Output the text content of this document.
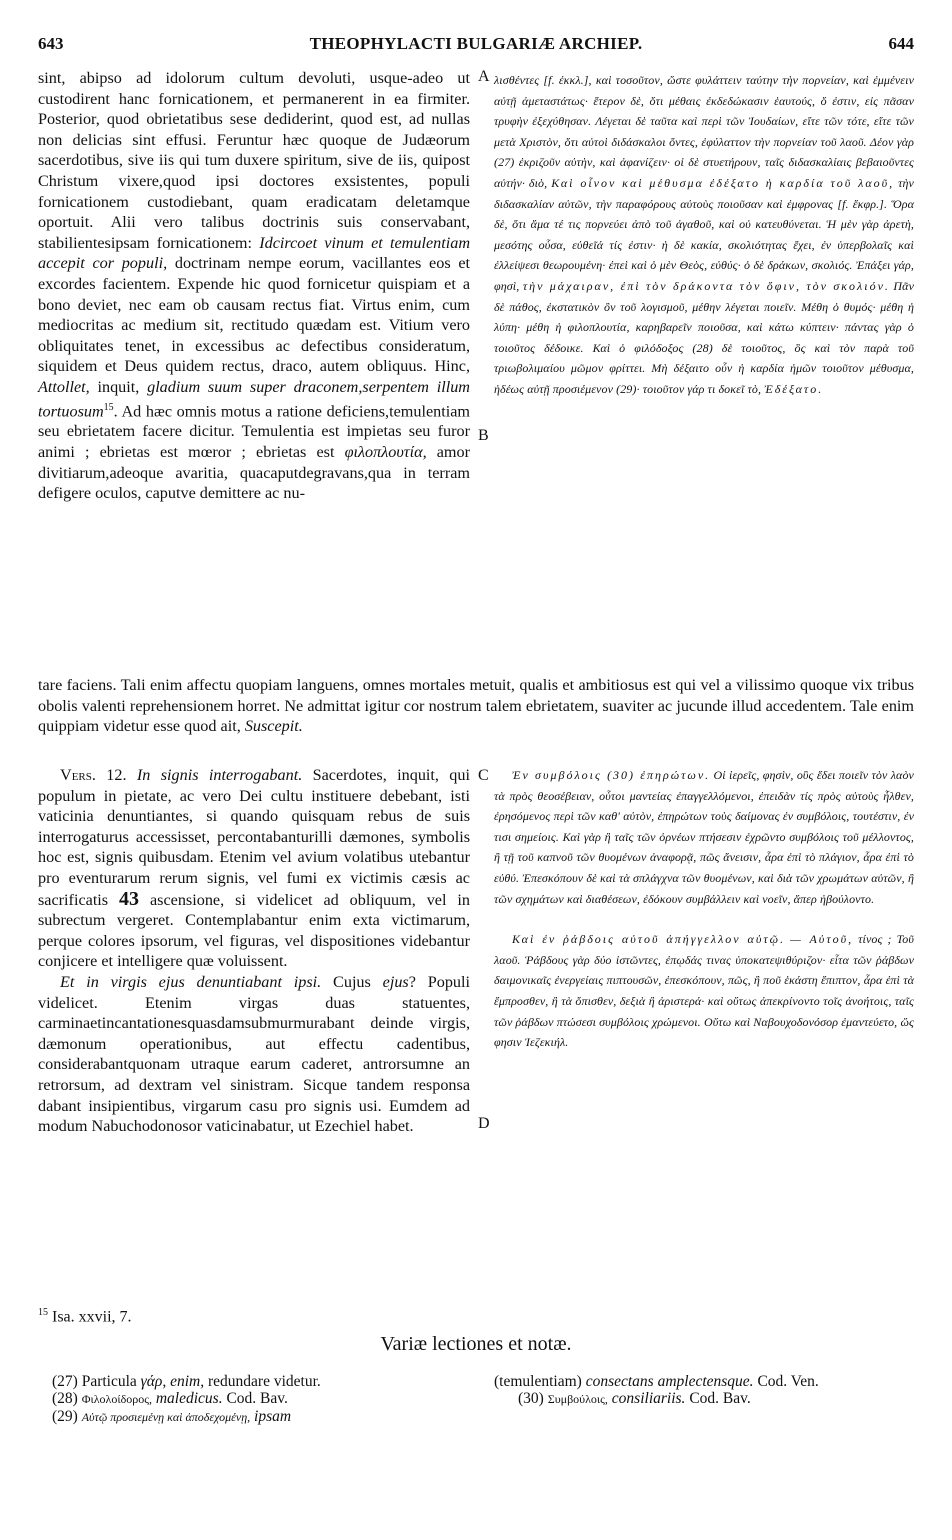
643	THEOPHYLACTI BULGARIÆ ARCHIEP.	644
A
B
C
D

sint, abipso ad idolorum cultum devoluti, usque-adeo ut custodirent hanc fornicationem, et permanerent in ea firmiter. Posterior, quod obrietatibus sese dediderint, quod est, ad nullas non delicias sint effusi. Feruntur hæc quoque de Judæorum sacerdotibus, sive iis qui tum duxere spiritum, sive de iis, quipost Christum vixere,quod ipsi doctores exsistentes, populi fornicationem custodiebant, quam eradicatam deletamque oportuit. Alii vero talibus doctrinis suis conservabant, stabilientesipsam fornicationem: Idcircoet vinum et temulentiam accepit cor populi, doctrinam nempe eorum, vacillantes eos et excordes facientem. Expende hic quod fornicetur quispiam et a bono deviet, nec eam ob causam rectus fiat. Virtus enim, cum mediocritas ac medium sit, rectitudo quædam est. Vitium vero obliquitates tenet, in excessibus ac defectibus consideratum, siquidem et Deus quidem rectus, draco, autem obliquus. Hinc, Attollet, inquit, gladium suum super draconem,serpentem illum tortuosum$^{15}$. Ad hæc omnis motus a ratione deficiens,temulentiam seu ebrietatem facere dicitur. Temulentia est impietas seu furor animi ; ebrietas est mœror ; ebrietas est φιλοπλουτία, amor divitiarum,adeoque avaritia, quacaputdegravans,qua in terram defigere oculos, caputve demittere ac nu-

λισθέντες [f. ἐκκλ.], καὶ τοσοῦτον, ὥστε φυλάττειν ταύτην τὴν πορνείαν, καὶ ἐμμένειν αὐτῇ ἀμεταστάτως· ἕτερον δὲ, ὅτι μέθαις ἐκδεδώκασιν ἑαυτούς, ὅ ἐστιν, εἰς πᾶσαν τρυφὴν ἐξεχύθησαν. Λέγεται δὲ ταῦτα καὶ περὶ τῶν Ἰουδαίων, εἴτε τῶν τότε, εἴτε τῶν μετὰ Χριστὸν, ὅτι αὐτοὶ διδάσκαλοι ὄντες, ἐφύλαττον τὴν πορνείαν τοῦ λαοῦ. Δέον γὰρ (27) ἐκριζοῦν αὐτὴν, καὶ ἀφανίζειν· οἱ δὲ στυετήρουν, ταῖς διδασκαλίαις βεβαιοῦντες αὐτήν· διὸ, Καὶ οἶνον καὶ μέθυσμα ἐδέξατο ἡ καρδία τοῦ λαοῦ, τὴν διδασκαλίαν αὐτῶν, τὴν παραφόρους αὐτοὺς ποιοῦσαν καὶ ἐμφρονας [f. ἔκφρ.]. Ὅρα δὲ, ὅτι ἅμα τέ τις πορνεύει ἀπὸ τοῦ ἀγαθοῦ, καὶ οὐ κατευθύνεται. Ἡ μὲν γὰρ ἀρετὴ, μεσότης οὖσα, εὐθεῖά τίς ἐστιν· ἡ δὲ κακία, σκολιότητας ἔχει, ἐν ὑπερβολαῖς καὶ ἐλλείψεσι θεωρουμένη· ἐπεὶ καὶ ὁ μὲν Θεὸς, εὐθύς· ὁ δὲ δράκων, σκολιός. Ἐπάξει γάρ, φησὶ, τὴν μάχαιραν, ἐπὶ τὸν δράκοντα τὸν ὄφιν, τὸν σκολιόν. Πᾶν δὲ πάθος, ἐκστατικὸν ὂν τοῦ λογισμοῦ, μέθην λέγεται ποιεῖν. Μέθη ὁ θυμός· μέθη ἡ λύπη· μέθη ἡ φιλοπλουτία, καρηβαρεῖν ποιοῦσα, καὶ κάτω κύπτειν· πάντας γὰρ ὁ τοιοῦτος δέδοικε. Καὶ ὁ φιλόδοξος (28) δὲ τοιοῦτος, ὃς καὶ τὸν παρὰ τοῦ τριωβολιμαίου μῶμον φρίττει. Μὴ δέξαιτο οὖν ἡ καρδία ἡμῶν τοιοῦτον μέθυσμα, ἡδέως αὐτῇ προσιέμενον (29)· τοιοῦτον γάρ τι δοκεῖ τὸ, Ἐδέξατο.

tare faciens. Tali enim affectu quopiam languens, omnes mortales metuit, qualis et ambitiosus est qui vel a vilissimo quoque vix tribus obolis valenti reprehensionem horret. Ne admittat igitur cor nostrum talem ebrietatem, suaviter ac jucunde illud accedentem. Tale enim quippiam videtur esse quod ait, Suscepit.

Vers. 12. In signis interrogabant. Sacerdotes, inquit, qui populum in pietate, ac vero Dei cultu instituere debebant, isti vaticinia denuntiantes, si quando quisquam rebus de suis interrogaturus accessisset, percontabanturilli dæmones, symbolis hoc est, signis quibusdam. Etenim vel avium volatibus utebantur pro eventurarum rerum signis, vel fumi ex victimis cæsis ac sacrificatis 43 ascensione, si videlicet ad obliquum, vel in subrectum vergeret. Contemplabantur enim exta victimarum, perque colores ipsorum, vel figuras, vel dispositiones videbantur conjicere et intelligere quæ voluissent.

Et in virgis ejus denuntiabant ipsi. Cujus ejus? Populi videlicet. Etenim virgas duas statuentes, carminaetincantationesquasdamsubmurmurabant deinde virgis, dæmonum operationibus, aut effectu cadentibus, considerabantquonam utraque earum caderet, antrorsumne an retrorsum, ad dextram vel sinistram. Sicque tandem responsa dabant insipientibus, virgarum casu pro signis usi. Eumdem ad modum Nabuchodonosor vaticinabatur, ut Ezechiel habet.

Ἐν συμβόλοις (30) ἐπηρώτων. Οἱ ἱερεῖς, φησὶν, οὓς ἔδει ποιεῖν τὸν λαὸν τὰ πρὸς θεοσέβειαν, οὗτοι μαντείας ἐπαγγελλόμενοι, ἐπειδὰν τίς πρὸς αὐτοὺς ἦλθεν, ἐρησόμενος περὶ τῶν καθ' αὐτὸν, ἐπηρώτων τοὺς δαίμονας ἐν συμβόλοις, τουτέστιν, ἐν τισι σημείοις. Καὶ γὰρ ἢ ταῖς τῶν ὀρνέων πτήσεσιν ἐχρῶντο συμβόλοις τοῦ μέλλοντος, ἢ τῇ τοῦ καπνοῦ τῶν θυομένων ἀναφορᾷ, πῶς ἄνεισιν, ἆρα ἐπὶ τὸ πλάγιον, ἆρα ἐπὶ τὸ εὐθύ. Ἐπεσκόπουν δὲ καὶ τὰ σπλάγχνα τῶν θυομένων, καὶ διὰ τῶν χρωμάτων αὐτῶν, ἢ τῶν σχημάτων καὶ διαθέσεων, ἐδόκουν συμβάλλειν καὶ νοεῖν, ἅπερ ἠβούλοντο.

Καὶ ἐν ῥάβδοις αὐτοῦ ἀπήγγελλον αὐτῷ. — Αὐτοῦ, τίνος ; Τοῦ λαοῦ. Ῥάβδους γὰρ δύο ἱστῶντες, ἐπῳδάς τινας ὑποκατεψιθύριζον· εἶτα τῶν ῥάβδων δαιμονικαῖς ἐνεργείαις πιπτουσῶν, ἐπεσκόπουν, πῶς, ἢ ποῦ ἑκάστη ἔπιπτον, ἆρα ἐπὶ τὰ ἔμπροσθεν, ἢ τὰ ὄπισθεν, δεξιὰ ἢ ἀριστερά· καὶ οὕτως ἀπεκρίνοντο τοῖς ἀνοήτοις, ταῖς τῶν ῥάβδων πτώσεσι συμβόλοις χρώμενοι. Οὕτω καὶ Ναβουχοδονόσορ ἐμαντεύετο, ὥς φησιν Ἰεζεκιήλ.

$^{15}$ Isa. xxvii, 7.
Variæ lectiones et notæ.

(27) Particula γάρ, enim, redundare videtur.

(28) Φιλολοίδορος, maledicus. Cod. Bav.

(29) Αὐτῷ προσιεμένῃ καὶ ἀποδεχομένῃ, ipsam

(temulentiam) consectans amplectensque. Cod. Ven.

(30) Συμβούλοις, consiliariis. Cod. Bav.
